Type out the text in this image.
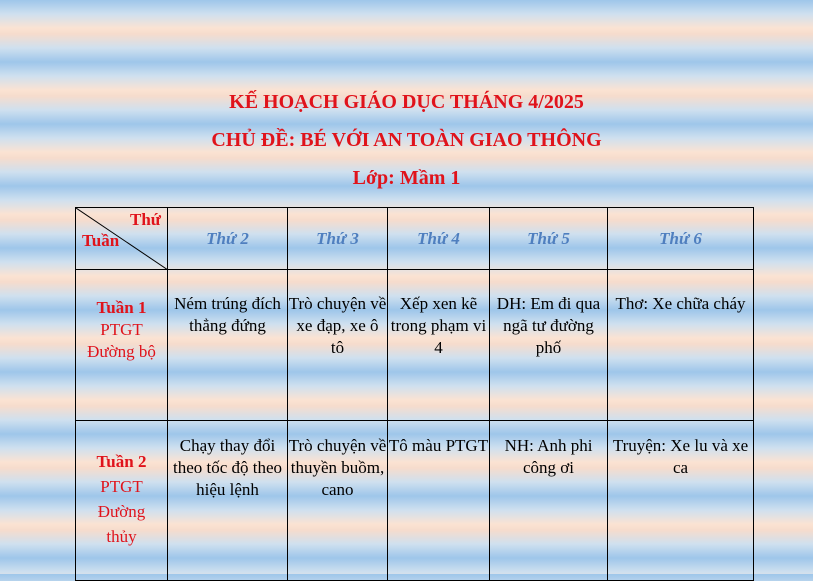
KẾ HOẠCH GIÁO DỤC THÁNG 4/2025
CHỦ ĐỀ: BÉ VỚI AN TOÀN GIAO THÔNG
Lớp: Mầm 1
Thứ
Tuần	Thứ 2	Thứ 3	Thứ 4	Thứ 5	Thứ 6

Tuần 1
PTGT
Đường bộ	Ném trúng đích thẳng đứng	Trò chuyện về xe đạp, xe ô tô	Xếp xen kẽ trong phạm vi 4	DH: Em đi qua ngã tư đường phố	Thơ: Xe chữa cháy

Tuần 2
PTGT
Đường
thủy	Chạy thay đổi theo tốc độ theo hiệu lệnh	Trò chuyện về thuyền buồm, cano	Tô màu PTGT	NH: Anh phi công ơi	Truyện: Xe lu và xe ca
